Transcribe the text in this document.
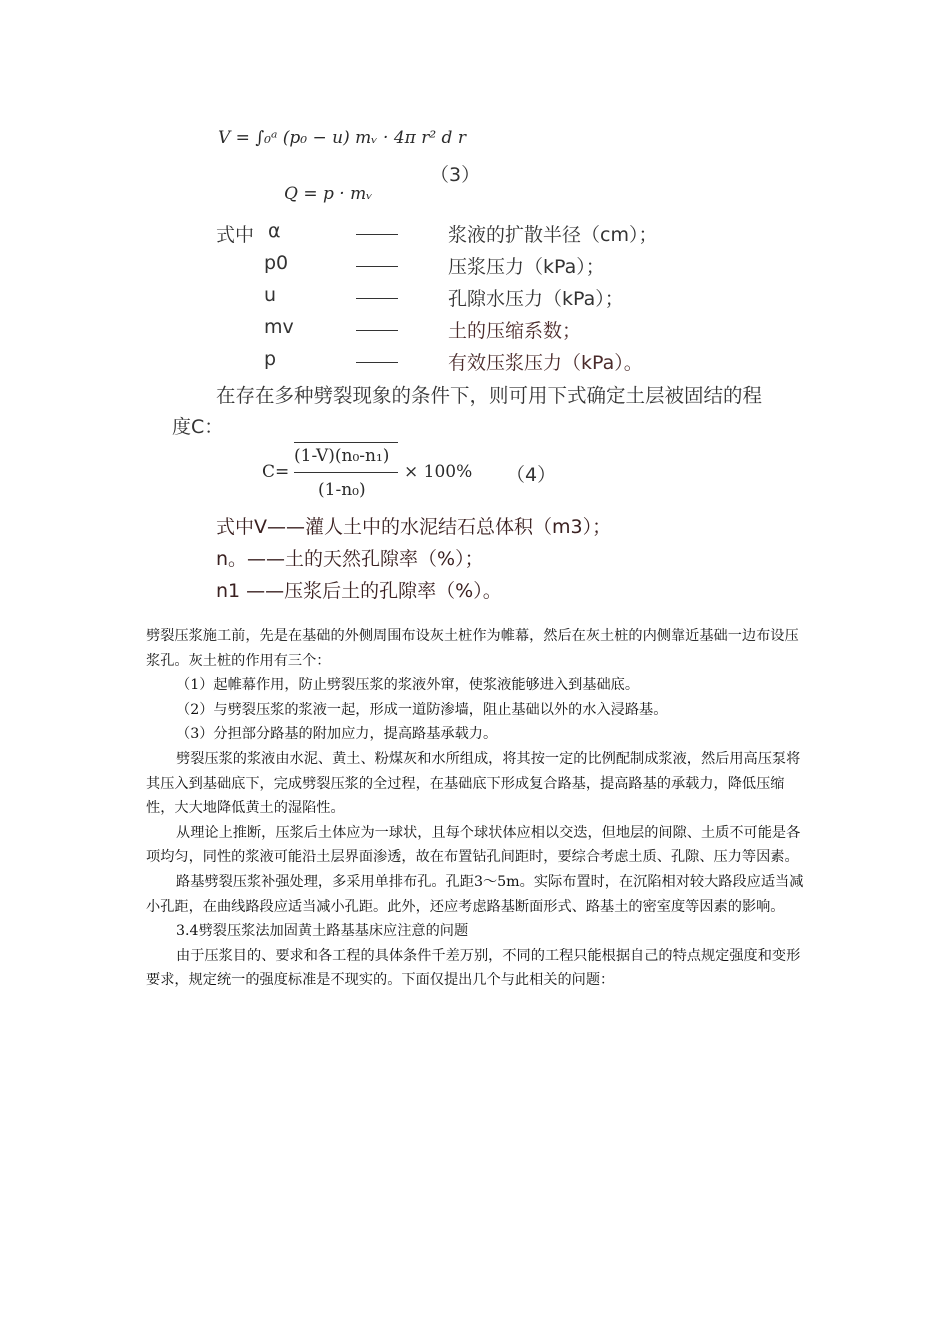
V = ∫₀ᵃ (p₀ − u) mᵥ · 4π r² d r
（3）
Q = p · mᵥ
式中 α	浆液的扩散半径（cm）；
p0	压浆压力（kPa）；
u	孔隙水压力（kPa）；
mv	土的压缩系数；
p	有效压浆压力（kPa）。
在存在多种劈裂现象的条件下，则可用下式确定土层被固结的程
度C：
C=
(1-V)(n₀-n₁)
(1-n₀)
× 100% （4）
式中V——灌人土中的水泥结石总体积（m3）；
n。——土的天然孔隙率（%）；
n1 ——压浆后土的孔隙率（%）。

劈裂压浆施工前，先是在基础的外侧周围布设灰土桩作为帷幕，然后在灰土桩的内侧靠近基础一边布设压浆孔。灰土桩的作用有三个：

（1）起帷幕作用，防止劈裂压浆的浆液外窜，使浆液能够进入到基础底。

（2）与劈裂压浆的浆液一起，形成一道防渗墙，阻止基础以外的水入浸路基。

（3）分担部分路基的附加应力，提高路基承载力。

劈裂压浆的浆液由水泥、黄土、粉煤灰和水所组成，将其按一定的比例配制成浆液，然后用高压泵将其压入到基础底下，完成劈裂压浆的全过程，在基础底下形成复合路基，提高路基的承载力，降低压缩性，大大地降低黄土的湿陷性。

从理论上推断，压浆后土体应为一球状，且每个球状体应相以交迭，但地层的间隙、土质不可能是各项均匀，同性的浆液可能沿土层界面渗透，故在布置钻孔间距时，要综合考虑土质、孔隙、压力等因素。

路基劈裂压浆补强处理，多采用单排布孔。孔距3～5m。实际布置时，在沉陷相对较大路段应适当减小孔距，在曲线路段应适当减小孔距。此外，还应考虑路基断面形式、路基土的密室度等因素的影响。

3.4劈裂压浆法加固黄土路基基床应注意的问题

由于压浆目的、要求和各工程的具体条件千差万别，不同的工程只能根据自己的特点规定强度和变形要求，规定统一的强度标准是不现实的。下面仅提出几个与此相关的问题：
